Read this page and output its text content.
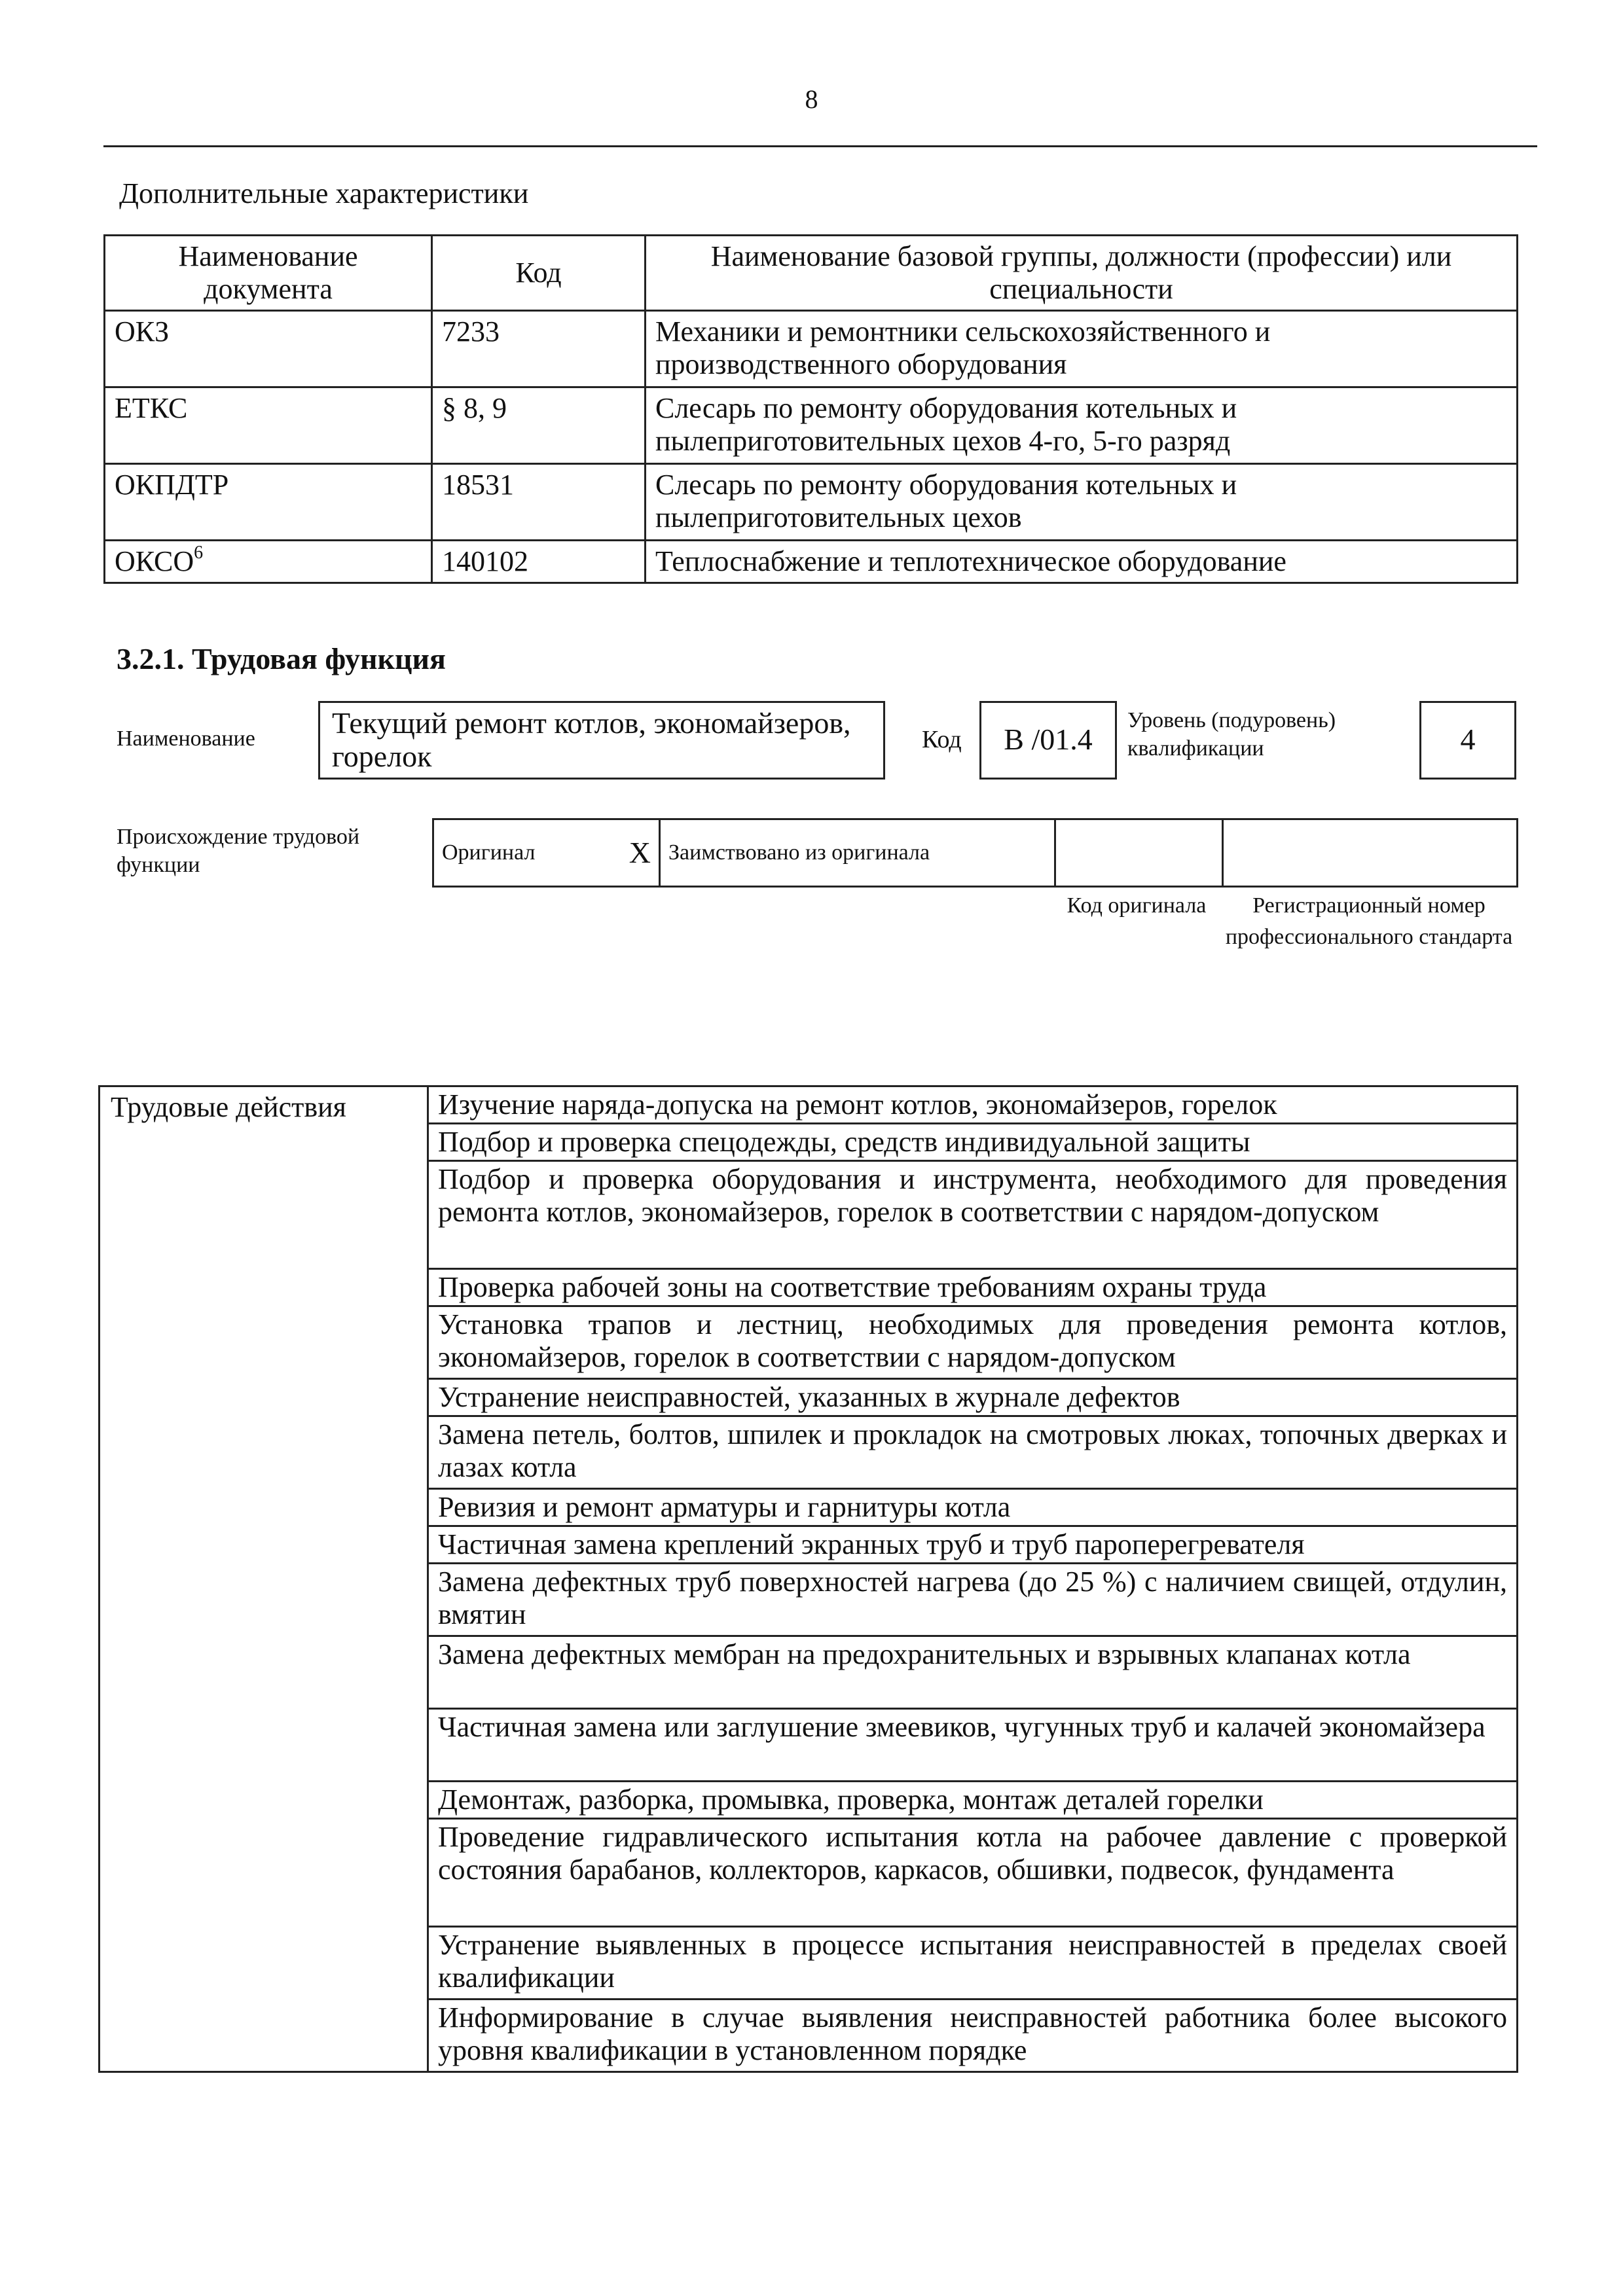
8
Дополнительные характеристики
Наименование документа	Код	Наименование базовой группы, должности (профессии) или специальности
ОКЗ	7233	Механики и ремонтники сельскохозяйственного и производственного оборудования
ЕТКС	§ 8, 9	Слесарь по ремонту оборудования котельных и пылеприготовительных цехов 4-го, 5-го разряд
ОКПДТР	18531	Слесарь по ремонту оборудования котельных и пылеприготовительных цехов
ОКСО$^6$	140102	Теплоснабжение и теплотехническое оборудование
3.2.1. Трудовая функция
Наименование	Текущий ремонт котлов, экономайзеров, горелок	Код	В /01.4
Уровень (подуровень) квалификации	4
Происхождение трудовой функции
Оригинал	X	Заимствовано из оригинала		
Код оригинала	Регистрационный номер профессионального стандарта
Трудовые действия	Изучение наряда-допуска на ремонт котлов, экономайзеров, горелок
Подбор и проверка спецодежды, средств индивидуальной защиты
Подбор и проверка оборудования и инструмента, необходимого для проведения ремонта котлов, экономайзеров, горелок в соответствии с нарядом-допуском
Проверка рабочей зоны на соответствие требованиям охраны труда
Установка трапов и лестниц, необходимых для проведения ремонта котлов, экономайзеров, горелок в соответствии с нарядом-допуском
Устранение неисправностей, указанных в журнале дефектов
Замена петель, болтов, шпилек и прокладок на смотровых люках, топочных дверках и лазах котла
Ревизия и ремонт арматуры и гарнитуры котла
Частичная замена креплений экранных труб и труб пароперегревателя
Замена дефектных труб поверхностей нагрева (до 25 %) с наличием свищей, отдулин, вмятин
Замена дефектных мембран на предохранительных и взрывных клапанах котла
Частичная замена или заглушение змеевиков, чугунных труб и калачей экономайзера
Демонтаж, разборка, промывка, проверка, монтаж деталей горелки
Проведение гидравлического испытания котла на рабочее давление с проверкой состояния барабанов, коллекторов, каркасов, обшивки, подвесок, фундамента
Устранение выявленных в процессе испытания неисправностей в пределах своей квалификации
Информирование в случае выявления неисправностей работника более высокого уровня квалификации в установленном порядке
